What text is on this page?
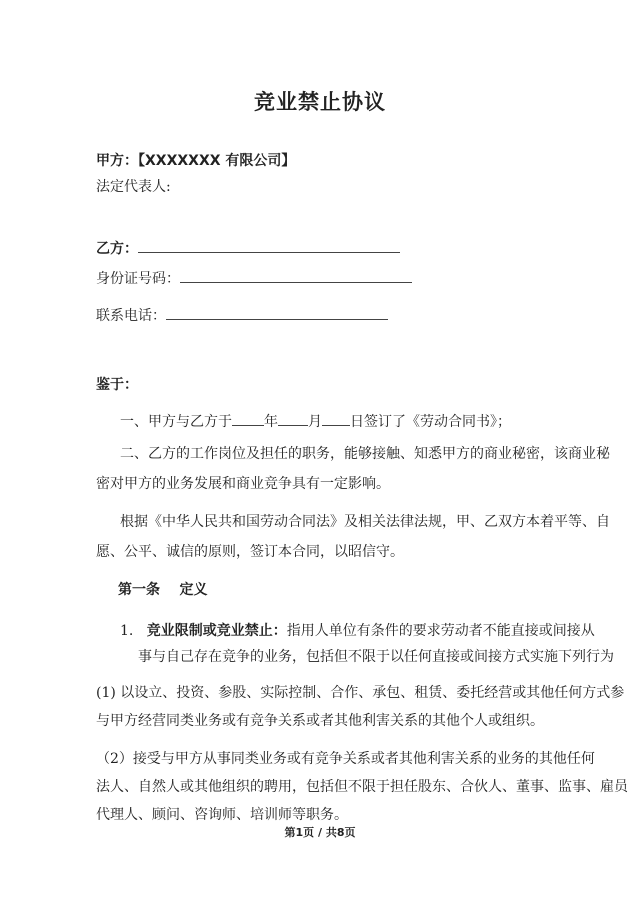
竞业禁止协议
甲方：【XXXXXXX 有限公司】
法定代表人:
乙方：
身份证号码：
联系电话：
鉴于：
一、甲方与乙方于 年 月 日签订了《劳动合同书》；
二、乙方的工作岗位及担任的职务，能够接触、知悉甲方的商业秘密，该商业秘
密对甲方的业务发展和商业竞争具有一定影响。
根据《中华人民共和国劳动合同法》及相关法律法规，甲、乙双方本着平等、自
愿、公平、诚信的原则，签订本合同，以昭信守。
第一条    定义
1. 竞业限制或竞业禁止：指用人单位有条件的要求劳动者不能直接或间接从
事与自己存在竞争的业务，包括但不限于以任何直接或间接方式实施下列行为
(1) 以设立、投资、参股、实际控制、合作、承包、租赁、委托经营或其他任何方式参
与甲方经营同类业务或有竞争关系或者其他利害关系的其他个人或组织。
（2）接受与甲方从事同类业务或有竞争关系或者其他利害关系的业务的其他任何
法人、自然人或其他组织的聘用，包括但不限于担任股东、合伙人、董事、监事、雇员
代理人、顾问、咨询师、培训师等职务。
第1页 / 共8页
